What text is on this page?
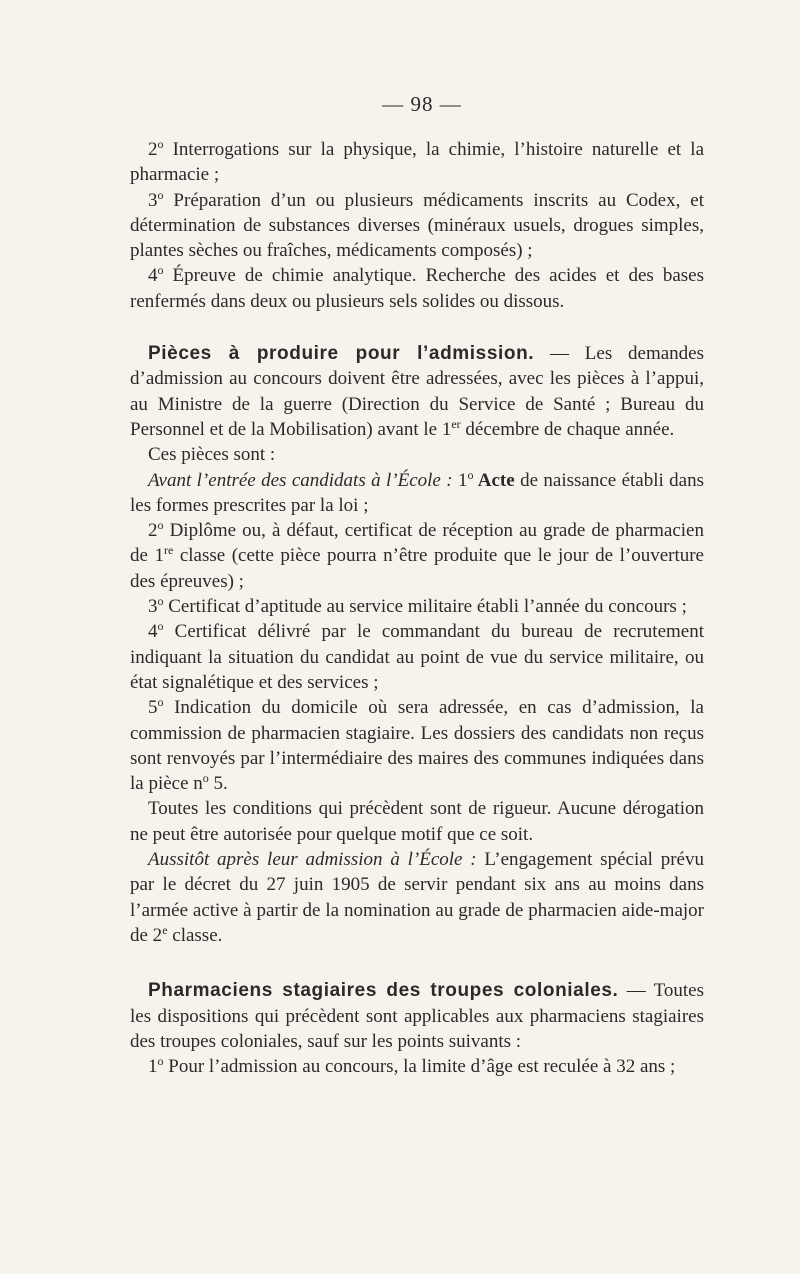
— 98 —

2$^o$ Interrogations sur la physique, la chimie, l’histoire naturelle et la pharmacie ;

3$^o$ Préparation d’un ou plusieurs médicaments inscrits au Codex, et détermination de substances diverses (minéraux usuels, drogues simples, plantes sèches ou fraîches, médicaments composés) ;

4$^o$ Épreuve de chimie analytique. Recherche des acides et des bases renfermés dans deux ou plusieurs sels solides ou dissous.

Pièces à produire pour l’admission. — Les demandes d’admission au concours doivent être adressées, avec les pièces à l’appui, au Ministre de la guerre (Direction du Service de Santé ; Bureau du Personnel et de la Mobilisation) avant le 1er décembre de chaque année.

Ces pièces sont :

Avant l’entrée des candidats à l’École : 1$^o$ Acte de naissance établi dans les formes prescrites par la loi ;

2$^o$ Diplôme ou, à défaut, certificat de réception au grade de pharmacien de 1re classe (cette pièce pourra n’être produite que le jour de l’ouverture des épreuves) ;

3$^o$ Certificat d’aptitude au service militaire établi l’année du concours ;

4$^o$ Certificat délivré par le commandant du bureau de recrutement indiquant la situation du candidat au point de vue du service militaire, ou état signalétique et des services ;

5$^o$ Indication du domicile où sera adressée, en cas d’admission, la commission de pharmacien stagiaire. Les dossiers des candidats non reçus sont renvoyés par l’intermédiaire des maires des communes indiquées dans la pièce $n^o$ 5.

Toutes les conditions qui précèdent sont de rigueur. Aucune dérogation ne peut être autorisée pour quelque motif que ce soit.

Aussitôt après leur admission à l’École : L’engagement spécial prévu par le décret du 27 juin 1905 de servir pendant six ans au moins dans l’armée active à partir de la nomination au grade de pharmacien aide-major de 2e classe.

Pharmaciens stagiaires des troupes coloniales. — Toutes les dispositions qui précèdent sont applicables aux pharmaciens stagiaires des troupes coloniales, sauf sur les points suivants :

1$^o$ Pour l’admission au concours, la limite d’âge est reculée à 32 ans ;
